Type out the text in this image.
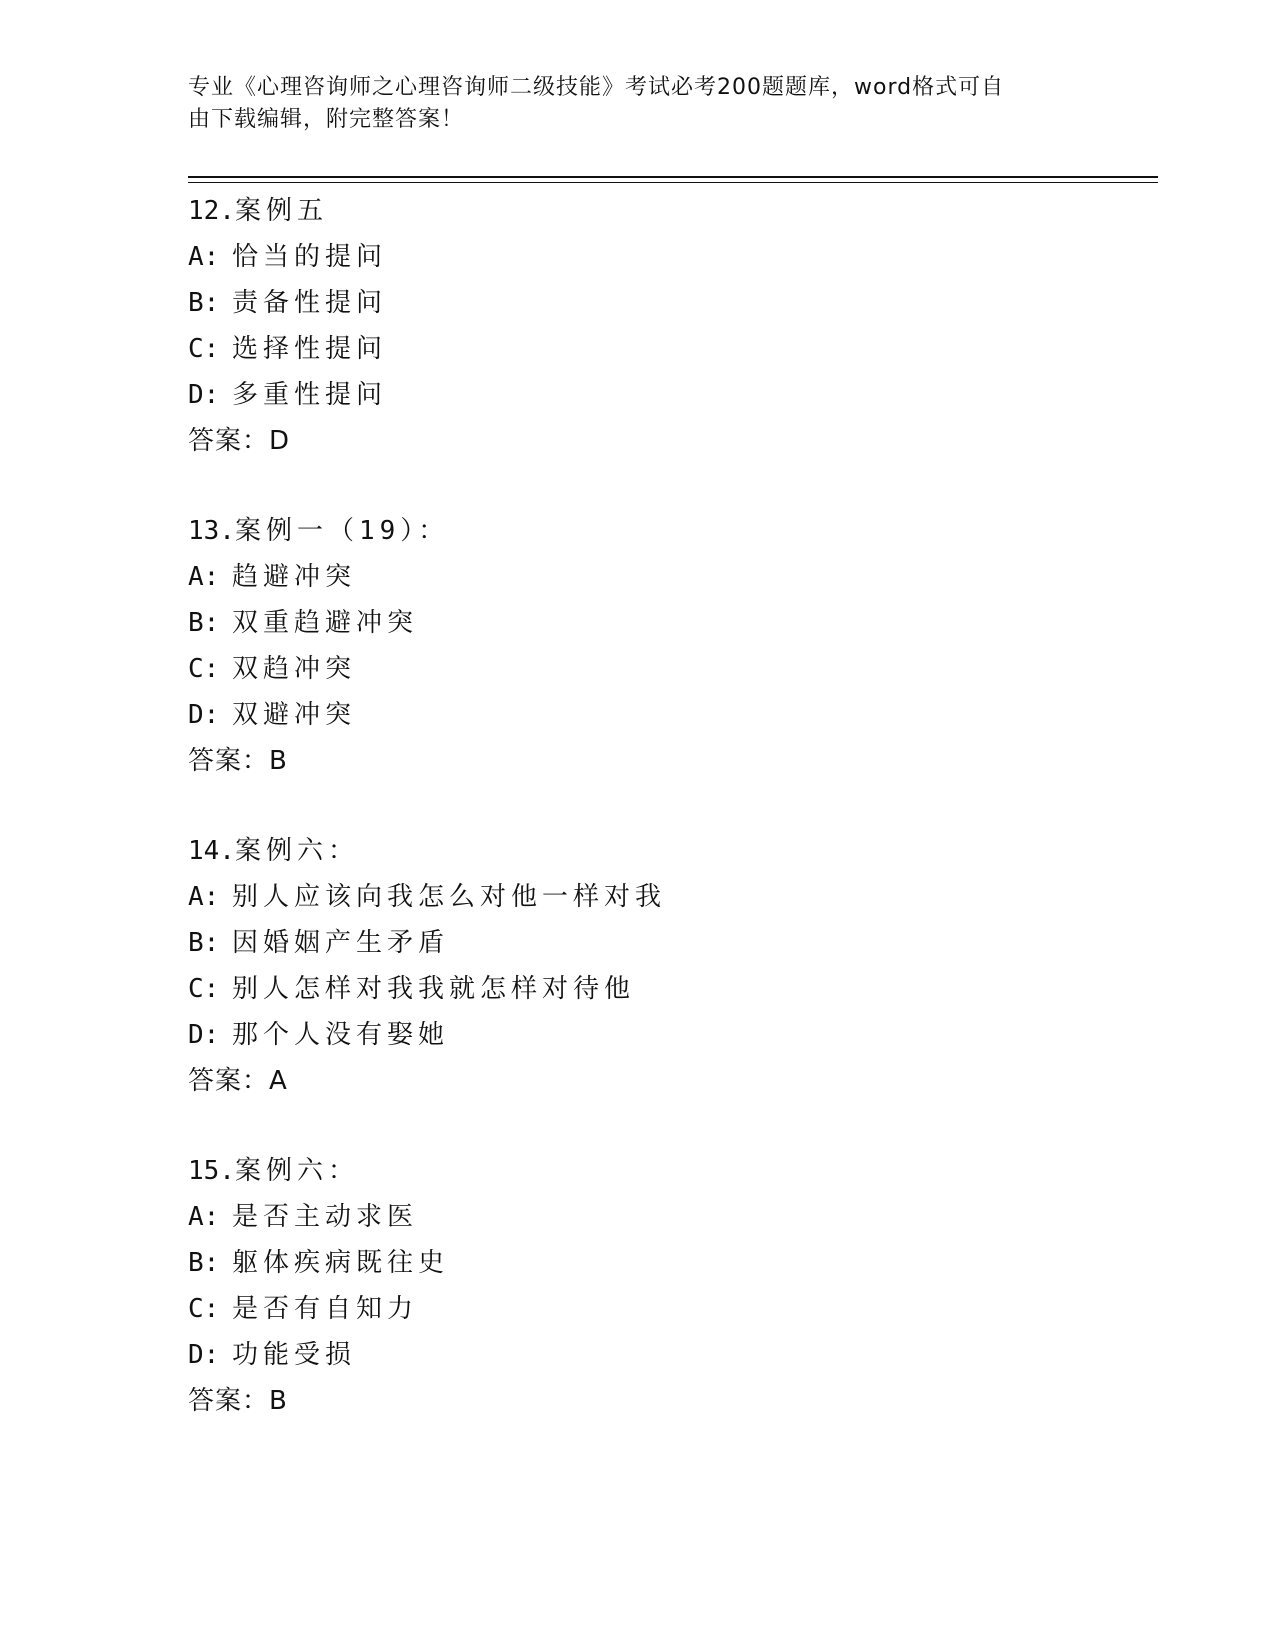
专业《心理咨询师之心理咨询师二级技能》考试必考200题题库，word格式可自
由下载编辑，附完整答案！
12.案例五
A: 恰当的提问
B: 责备性提问
C: 选择性提问
D: 多重性提问
答案：D
13.案例一（19）：
A: 趋避冲突
B: 双重趋避冲突
C: 双趋冲突
D: 双避冲突
答案：B
14.案例六：
A: 别人应该向我怎么对他一样对我
B: 因婚姻产生矛盾
C: 别人怎样对我我就怎样对待他
D: 那个人没有娶她
答案：A
15.案例六：
A: 是否主动求医
B: 躯体疾病既往史
C: 是否有自知力
D: 功能受损
答案：B
